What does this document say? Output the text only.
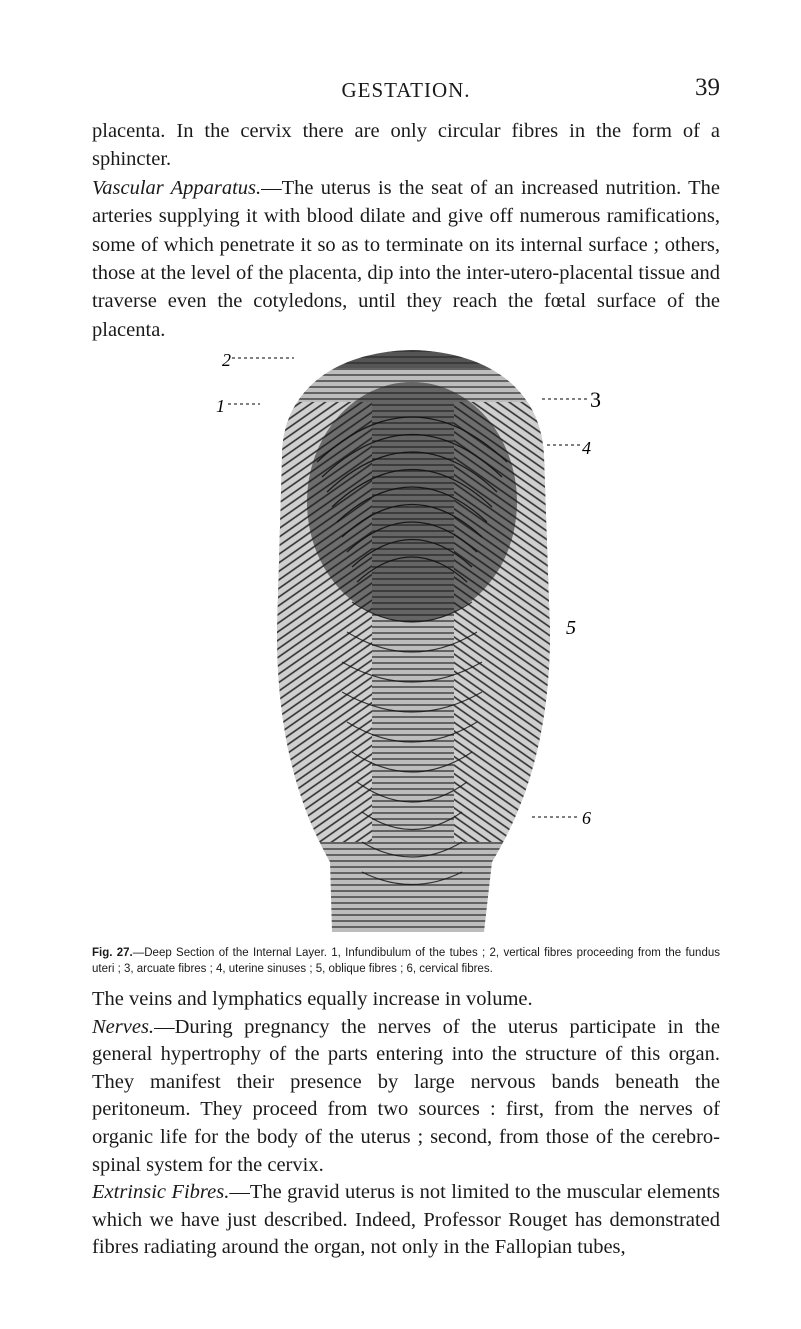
GESTATION.	39

placenta. In the cervix there are only circular fibres in the form of a sphincter.
Vascular Apparatus.—The uterus is the seat of an increased nutrition. The arteries supplying it with blood dilate and give off numerous ramifications, some of which penetrate it so as to terminate on its internal surface ; others, those at the level of the placenta, dip into the inter-utero-placental tissue and traverse even the cotyledons, until they reach the fœtal surface of the placenta.

2
1	3
4
5
6

Fig. 27.—Deep Section of the Internal Layer. 1, Infundibulum of the tubes ; 2, vertical fibres proceeding from the fundus uteri ; 3, arcuate fibres ; 4, uterine sinuses ; 5, oblique fibres ; 6, cervical fibres.

The veins and lymphatics equally increase in volume.
Nerves.—During pregnancy the nerves of the uterus participate in the general hypertrophy of the parts entering into the structure of this organ. They manifest their presence by large nervous bands beneath the peritoneum. They proceed from two sources : first, from the nerves of organic life for the body of the uterus ; second, from those of the cerebro-spinal system for the cervix.
Extrinsic Fibres.—The gravid uterus is not limited to the muscular elements which we have just described. Indeed, Professor Rouget has demonstrated fibres radiating around the organ, not only in the Fallopian tubes,
